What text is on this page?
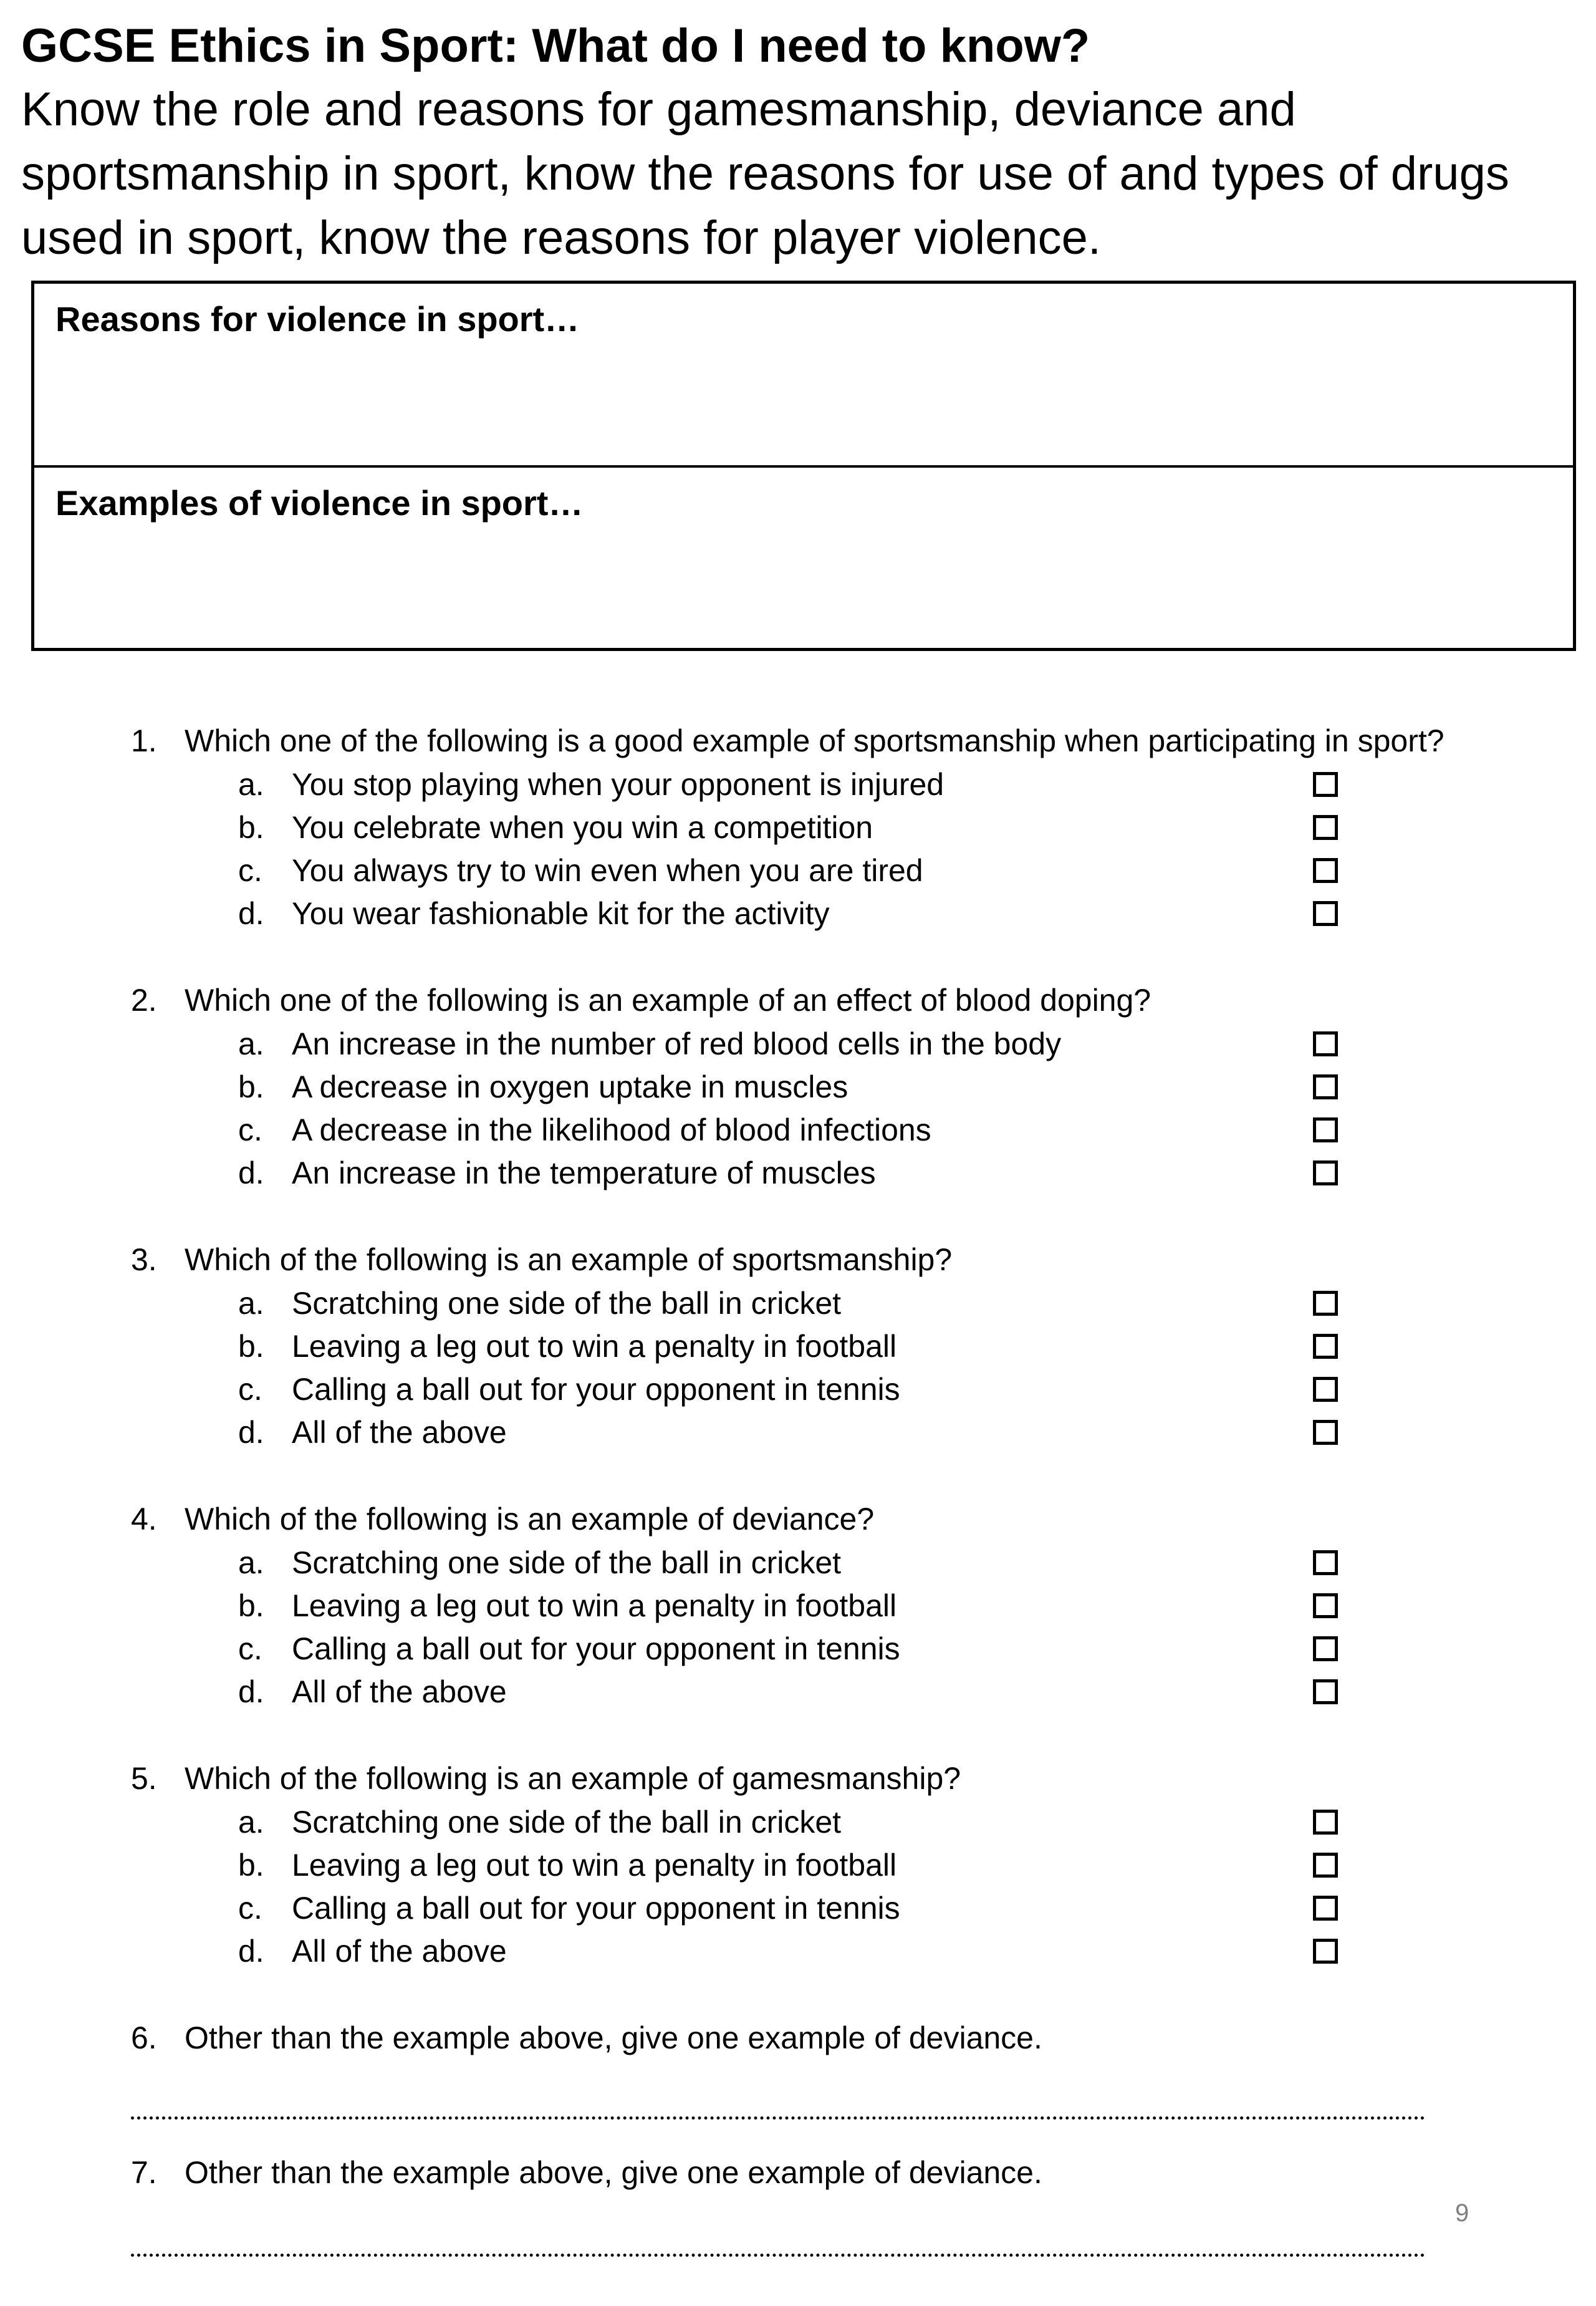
GCSE Ethics in Sport: What do I need to know?

Know the role and reasons for gamesmanship, deviance and sportsmanship in sport, know the reasons for use of and types of drugs used in sport, know the reasons for player violence.

Reasons for violence in sport…
Examples of violence in sport…
1. Which one of the following is a good example of sportsmanship when participating in sport?
a. You stop playing when your opponent is injured
b. You celebrate when you win a competition
c. You always try to win even when you are tired
d. You wear fashionable kit for the activity
2. Which one of the following is an example of an effect of blood doping?
a. An increase in the number of red blood cells in the body
b. A decrease in oxygen uptake in muscles
c. A decrease in the likelihood of blood infections
d. An increase in the temperature of muscles
3. Which of the following is an example of sportsmanship?
a. Scratching one side of the ball in cricket
b. Leaving a leg out to win a penalty in football
c. Calling a ball out for your opponent in tennis
d. All of the above
4. Which of the following is an example of deviance?
a. Scratching one side of the ball in cricket
b. Leaving a leg out to win a penalty in football
c. Calling a ball out for your opponent in tennis
d. All of the above
5. Which of the following is an example of gamesmanship?
a. Scratching one side of the ball in cricket
b. Leaving a leg out to win a penalty in football
c. Calling a ball out for your opponent in tennis
d. All of the above
6. Other than the example above, give one example of deviance.
7. Other than the example above, give one example of deviance.
9
